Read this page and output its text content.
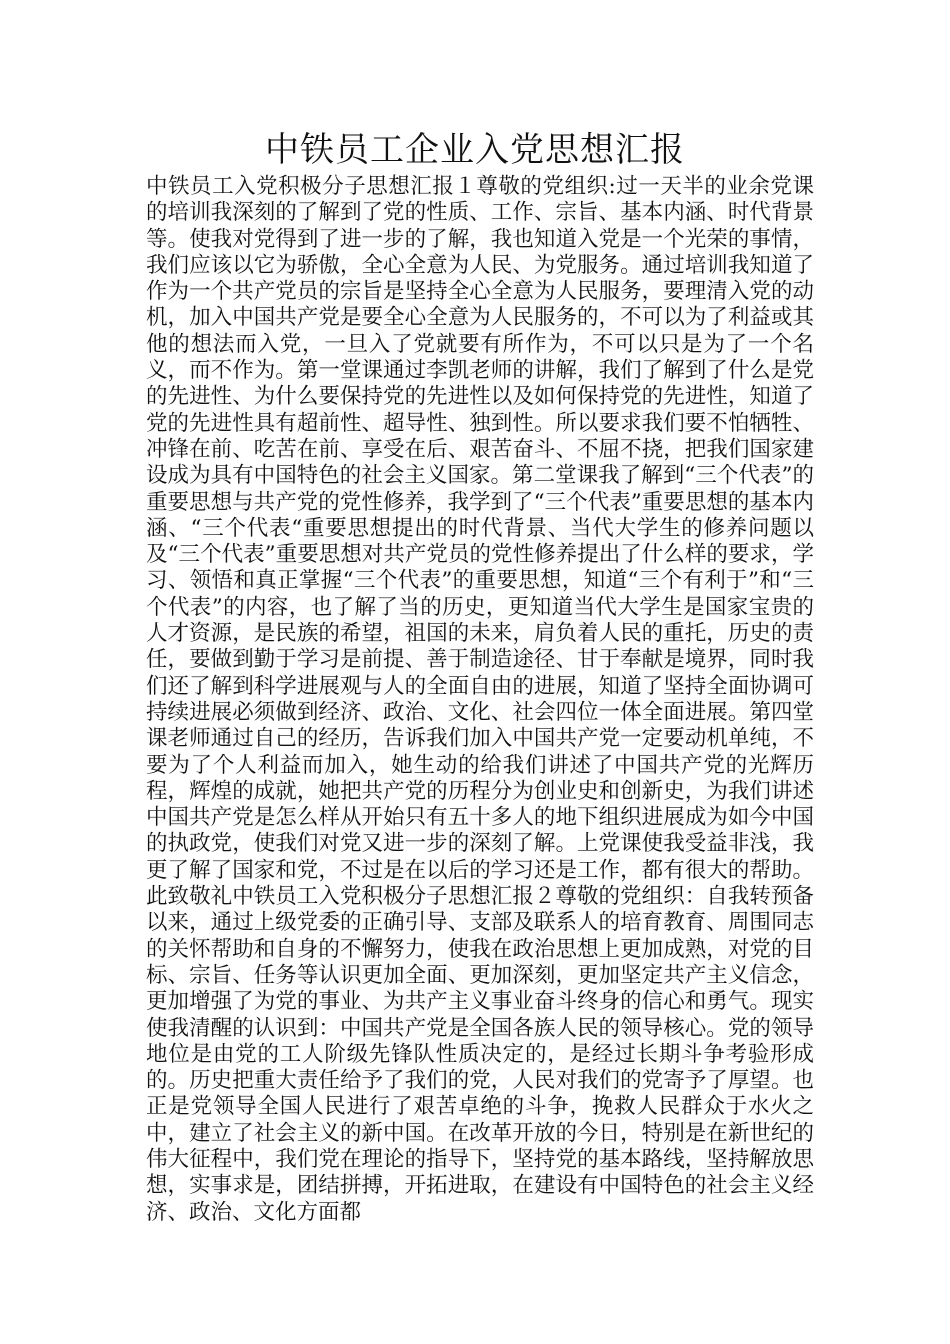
中铁员工企业入党思想汇报

中铁员工入党积极分子思想汇报１尊敬的党组织:过一天半的业余党课的培训我深刻的了解到了党的性质、工作、宗旨、基本内涵、时代背景等。使我对党得到了进一步的了解，我也知道入党是一个光荣的事情，我们应该以它为骄傲，全心全意为人民、为党服务。通过培训我知道了作为一个共产党员的宗旨是坚持全心全意为人民服务，要理清入党的动机，加入中国共产党是要全心全意为人民服务的，不可以为了利益或其他的想法而入党，一旦入了党就要有所作为，不可以只是为了一个名义，而不作为。第一堂课通过李凯老师的讲解，我们了解到了什么是党的先进性、为什么要保持党的先进性以及如何保持党的先进性，知道了党的先进性具有超前性、超导性、独到性。所以要求我们要不怕牺牲、冲锋在前、吃苦在前、享受在后、艰苦奋斗、不屈不挠，把我们国家建设成为具有中国特色的社会主义国家。第二堂课我了解到“三个代表”的重要思想与共产党的党性修养，我学到了“三个代表”重要思想的基本内涵、“三个代表“重要思想提出的时代背景、当代大学生的修养问题以及“三个代表”重要思想对共产党员的党性修养提出了什么样的要求，学习、领悟和真正掌握“三个代表”的重要思想，知道“三个有利于”和“三个代表”的内容，也了解了当的历史，更知道当代大学生是国家宝贵的人才资源，是民族的希望，祖国的未来，肩负着人民的重托，历史的责任，要做到勤于学习是前提、善于制造途径、甘于奉献是境界，同时我们还了解到科学进展观与人的全面自由的进展，知道了坚持全面协调可持续进展必须做到经济、政治、文化、社会四位一体全面进展。第四堂课老师通过自己的经历，告诉我们加入中国共产党一定要动机单纯，不要为了个人利益而加入，她生动的给我们讲述了中国共产党的光辉历程，辉煌的成就，她把共产党的历程分为创业史和创新史，为我们讲述中国共产党是怎么样从开始只有五十多人的地下组织进展成为如今中国的执政党，使我们对党又进一步的深刻了解。上党课使我受益非浅，我更了解了国家和党，不过是在以后的学习还是工作，都有很大的帮助。此致敬礼中铁员工入党积极分子思想汇报２尊敬的党组织：自我转预备以来，通过上级党委的正确引导、支部及联系人的培育教育、周围同志的关怀帮助和自身的不懈努力，使我在政治思想上更加成熟，对党的目标、宗旨、任务等认识更加全面、更加深刻，更加坚定共产主义信念，更加增强了为党的事业、为共产主义事业奋斗终身的信心和勇气。现实使我清醒的认识到：中国共产党是全国各族人民的领导核心。党的领导地位是由党的工人阶级先锋队性质决定的，是经过长期斗争考验形成的。历史把重大责任给予了我们的党，人民对我们的党寄予了厚望。也正是党领导全国人民进行了艰苦卓绝的斗争，挽救人民群众于水火之中，建立了社会主义的新中国。在改革开放的今日，特别是在新世纪的伟大征程中，我们党在理论的指导下，坚持党的基本路线，坚持解放思想，实事求是，团结拼搏，开拓进取，在建设有中国特色的社会主义经济、政治、文化方面都
